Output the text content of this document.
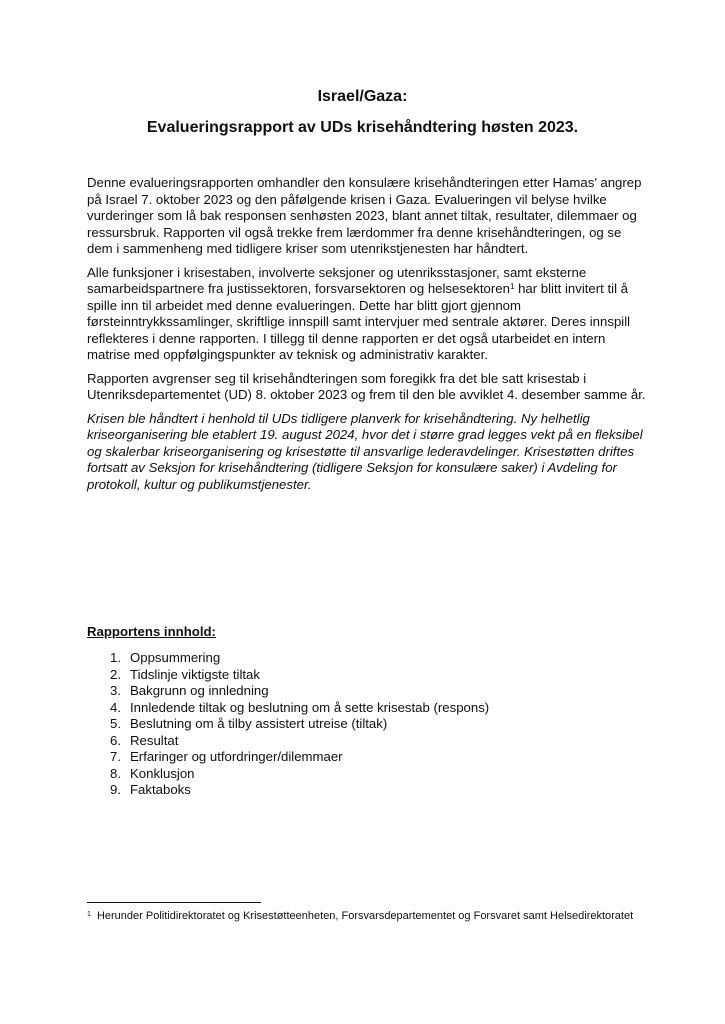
Israel/Gaza:
Evalueringsrapport av UDs krisehåndtering høsten 2023.

Denne evalueringsrapporten omhandler den konsulære krisehåndteringen etter Hamas’ angrep på Israel 7. oktober 2023 og den påfølgende krisen i Gaza. Evalueringen vil belyse hvilke vurderinger som lå bak responsen senhøsten 2023, blant annet tiltak, resultater, dilemmaer og ressursbruk. Rapporten vil også trekke frem lærdommer fra denne krisehåndteringen, og se dem i sammenheng med tidligere kriser som utenrikstjenesten har håndtert.

Alle funksjoner i krisestaben, involverte seksjoner og utenriksstasjoner, samt eksterne samarbeidspartnere fra justissektoren, forsvarsektoren og helsesektoren$^1$ har blitt invitert til å spille inn til arbeidet med denne evalueringen. Dette har blitt gjort gjennom førsteinntrykkssamlinger, skriftlige innspill samt intervjuer med sentrale aktører. Deres innspill reflekteres i denne rapporten. I tillegg til denne rapporten er det også utarbeidet en intern matrise med oppfølgingspunkter av teknisk og administrativ karakter.

Rapporten avgrenser seg til krisehåndteringen som foregikk fra det ble satt krisestab i Utenriksdepartementet (UD) 8. oktober 2023 og frem til den ble avviklet 4. desember samme år.

Krisen ble håndtert i henhold til UDs tidligere planverk for krisehåndtering. Ny helhetlig kriseorganisering ble etablert 19. august 2024, hvor det i større grad legges vekt på en fleksibel og skalerbar kriseorganisering og krisestøtte til ansvarlige lederavdelinger. Krisestøtten driftes fortsatt av Seksjon for krisehåndtering (tidligere Seksjon for konsulære saker) i Avdeling for protokoll, kultur og publikumstjenester.

Rapportens innhold:
1. Oppsummering
2. Tidslinje viktigste tiltak
3. Bakgrunn og innledning
4. Innledende tiltak og beslutning om å sette krisestab (respons)
5. Beslutning om å tilby assistert utreise (tiltak)
6. Resultat
7. Erfaringer og utfordringer/dilemmaer
8. Konklusjon
9. Faktaboks
$^1$ Herunder Politidirektoratet og Krisestøtteenheten, Forsvarsdepartementet og Forsvaret samt Helsedirektoratet
